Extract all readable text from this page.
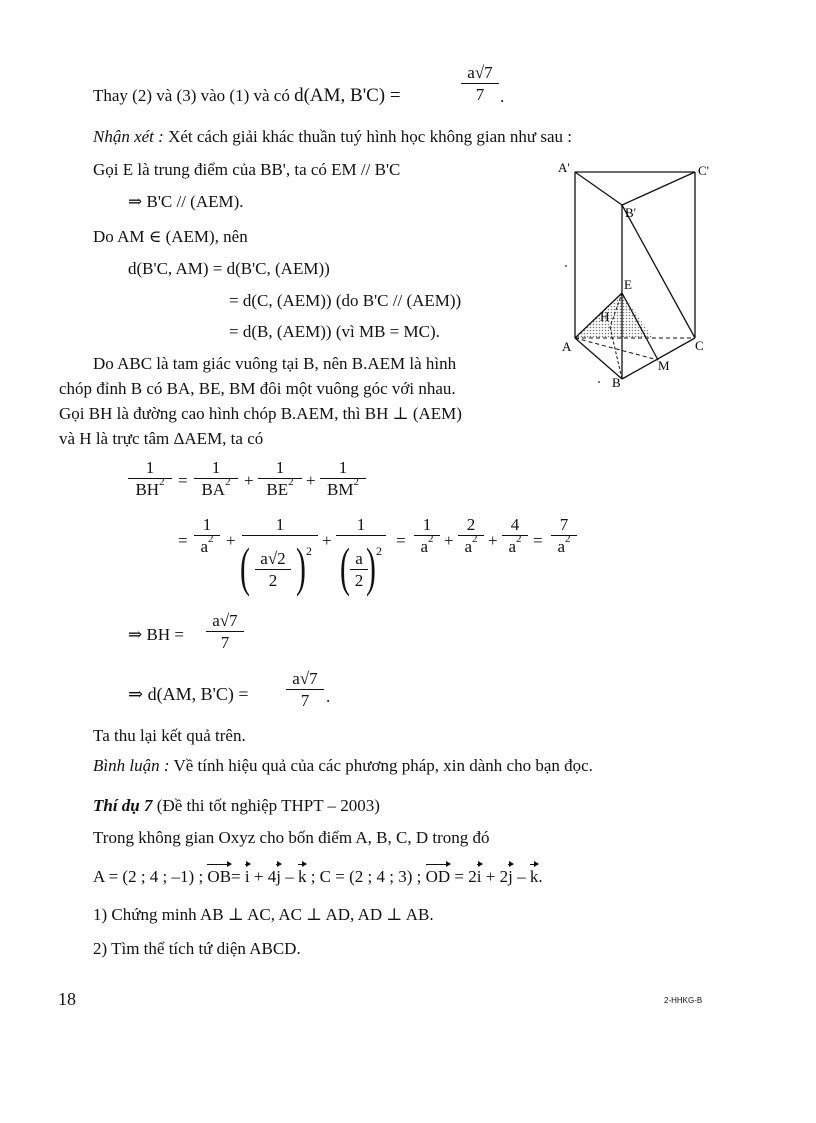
Thay (2) và (3) vào (1) và có d(AM, B'C) =
a√7
7 .
Nhận xét : Xét cách giải khác thuần tuý hình học không gian như sau :
Gọi E là trung điểm của BB', ta có EM // B'C
⇒ B'C // (AEM).
Do AM ∈ (AEM), nên
d(B'C, AM) = d(B'C, (AEM))
= d(C, (AEM)) (do B'C // (AEM))
= d(B, (AEM)) (vì MB = MC).
A'	C'
B'
E
H
A	C
M
B
Do ABC là tam giác vuông tại B, nên B.AEM là hình
chóp đỉnh B có BA, BE, BM đôi một vuông góc với nhau.
Gọi BH là đường cao hình chóp B.AEM, thì BH ⊥ (AEM)
và H là trực tâm ΔAEM, ta có
1
$BH^2$ =
1
$BA^2$ +
1
$BE^2$ +
1
$BM^2$
=
1
$a^2$ +
1
( a√2
2 ) 2
+
1
( a
2 ) 2
=
1
$a^2$ +
2
$a^2$ +
4
$a^2$ =
7
$a^2$
⇒ BH =
a√7
7
⇒ d(AM, B'C) =
a√7
7 .
Ta thu lại kết quả trên.
Bình luận : Về tính hiệu quả của các phương pháp, xin dành cho bạn đọc.
Thí dụ 7 (Đề thi tốt nghiệp THPT – 2003)
Trong không gian Oxyz cho bốn điểm A, B, C, D trong đó
A = (2 ; 4 ; –1) ; OB= i + 4j – k ; C = (2 ; 4 ; 3) ; OD = 2i + 2j – k.
1) Chứng minh AB ⊥ AC, AC ⊥ AD, AD ⊥ AB.
2) Tìm thể tích tứ diện ABCD.
18	2-HHKG-B
